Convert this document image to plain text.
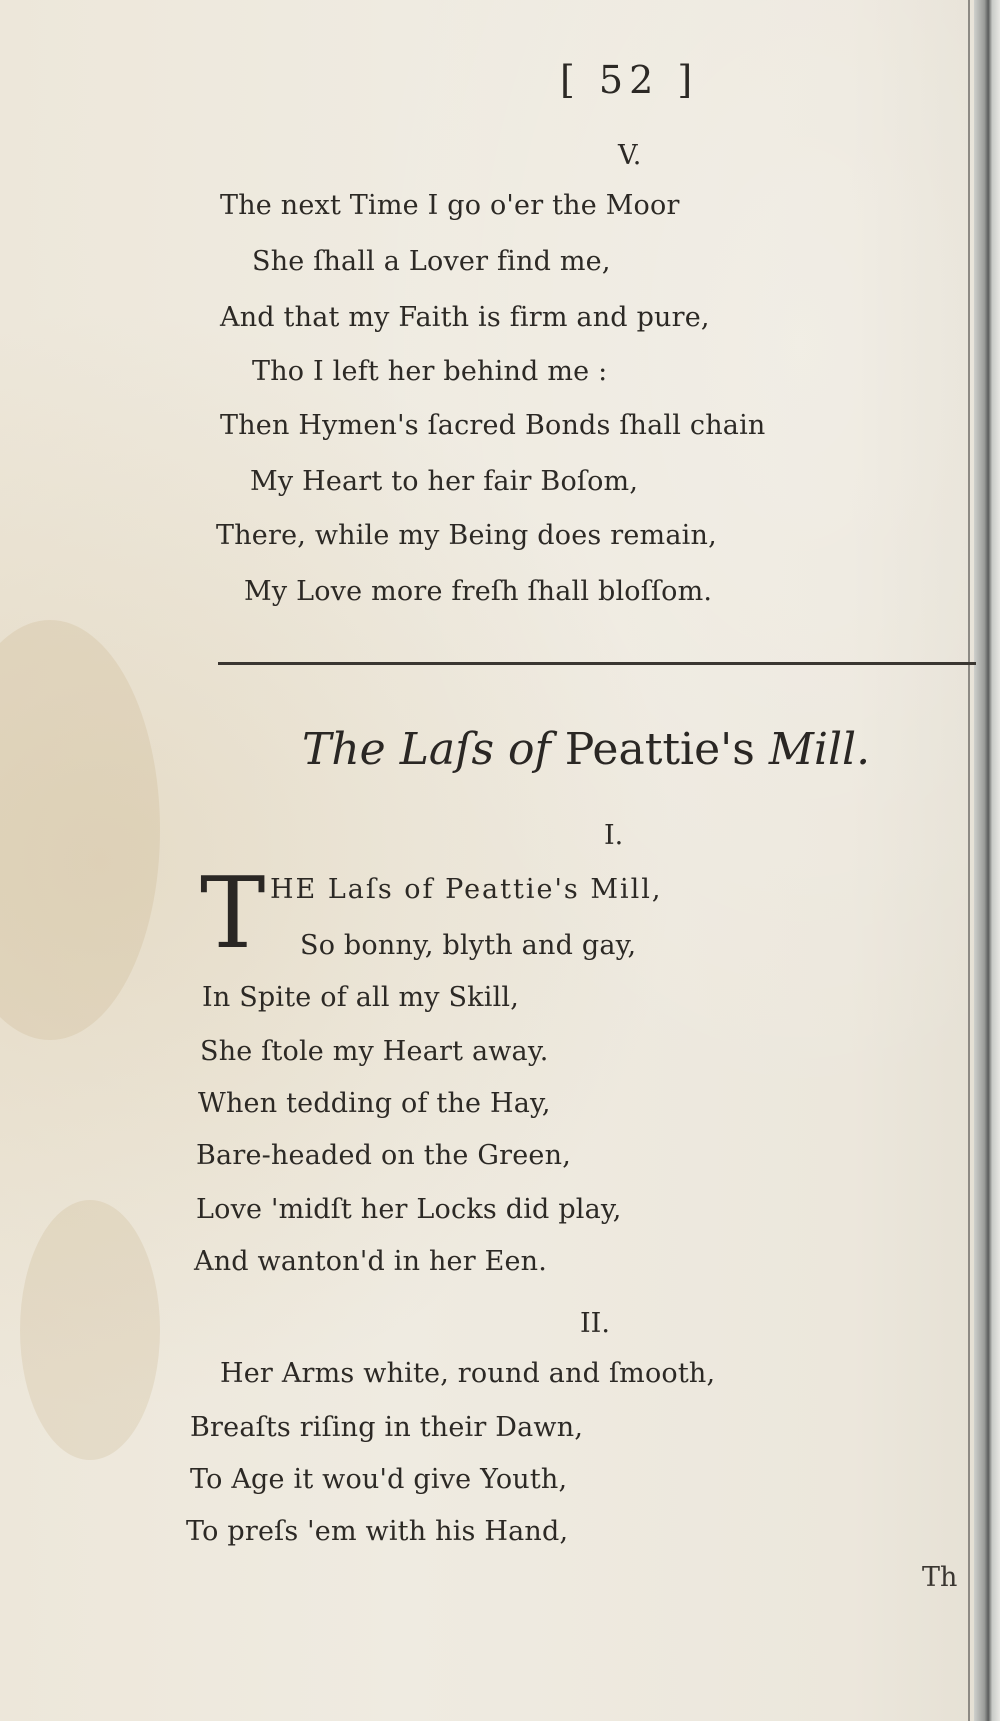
[ 52 ]
V.
The next Time I go o'er the Moor
She ſhall a Lover find me,
And that my Faith is firm and pure,
Tho I left her behind me :
Then Hymen's ſacred Bonds ſhall chain
My Heart to her fair Boſom,
There, while my Being does remain,
My Love more freſh ſhall bloſſom.
The Laſs of Peattie's Mill.
I.
T HE Laſs of Peattie's Mill,
So bonny, blyth and gay,
In Spite of all my Skill,
She ſtole my Heart away.
When tedding of the Hay,
Bare-headed on the Green,
Love 'midſt her Locks did play,
And wanton'd in her Een.
II.
Her Arms white, round and ſmooth,
Breaſts riſing in their Dawn,
To Age it wou'd give Youth,
To preſs 'em with his Hand,
Th
